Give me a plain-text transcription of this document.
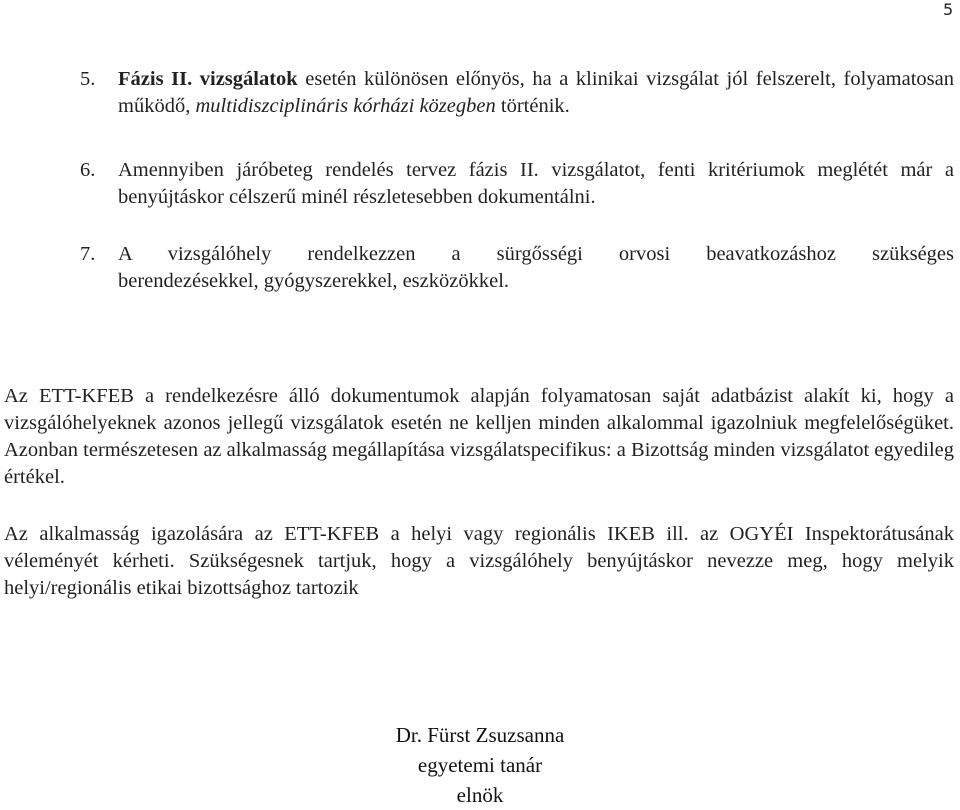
5
5. Fázis II. vizsgálatok esetén különösen előnyös, ha a klinikai vizsgálat jól felszerelt, folyamatosan működő, multidiszciplináris kórházi közegben történik.
6. Amennyiben járóbeteg rendelés tervez fázis II. vizsgálatot, fenti kritériumok meglétét már a benyújtáskor célszerű minél részletesebben dokumentálni.
7. A vizsgálóhely rendelkezzen a sürgősségi orvosi beavatkozáshoz szükséges
berendezésekkel, gyógyszerekkel, eszközökkel.
Az ETT-KFEB a rendelkezésre álló dokumentumok alapján folyamatosan saját adatbázist alakít ki, hogy a vizsgálóhelyeknek azonos jellegű vizsgálatok esetén ne kelljen minden alkalommal igazolniuk megfelelőségüket. Azonban természetesen az alkalmasság megállapítása vizsgálatspecifikus: a Bizottság minden vizsgálatot egyedileg értékel.
Az alkalmasság igazolására az ETT-KFEB a helyi vagy regionális IKEB ill. az OGYÉI Inspektorátusának véleményét kérheti. Szükségesnek tartjuk, hogy a vizsgálóhely benyújtáskor nevezze meg, hogy melyik helyi/regionális etikai bizottsághoz tartozik
Dr. Fürst Zsuzsanna
egyetemi tanár
elnök
